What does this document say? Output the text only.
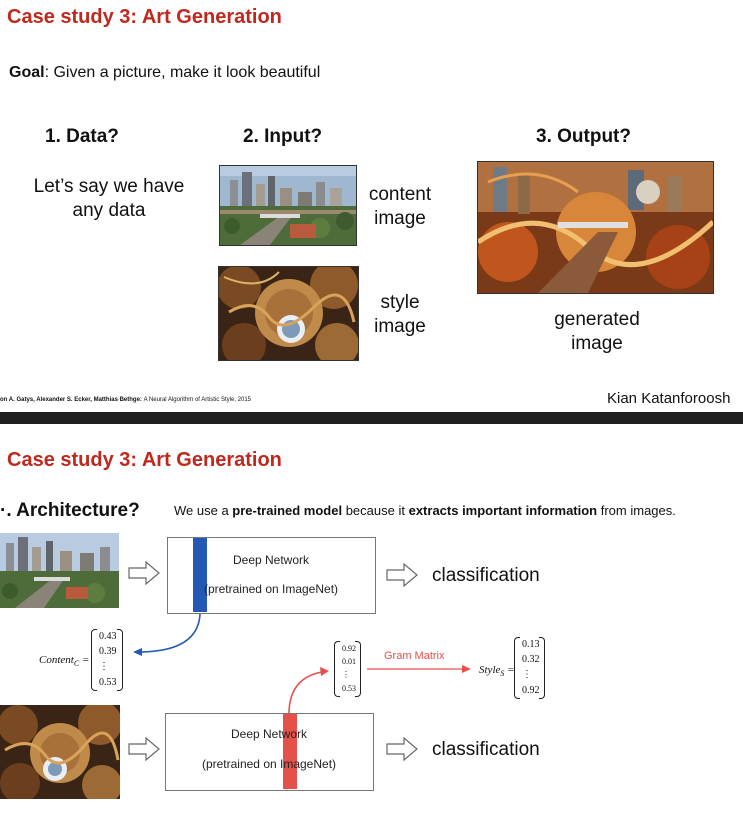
Case study 3: Art Generation
Goal: Given a picture, make it look beautiful
1. Data?	2. Input?	3. Output?
Let’s say we have any data
content image
style image	generated image
on A. Gatys, Alexander S. Ecker, Matthias Bethge: A Neural Algorithm of Artistic Style, 2015	Kian Katanforoosh
Case study 3: Art Generation
·. Architecture?	We use a pre-trained model because it extracts important information from images.
Deep Network
(pretrained on ImageNet)
classification
Content$_C$ =
0.43
0.39
⋮
0.53
0.92
0.01
⋮
0.53
Gram Matrix
Style$_S$ =
0.13
0.32
⋮
0.92
Deep Network
(pretrained on ImageNet)
classification
